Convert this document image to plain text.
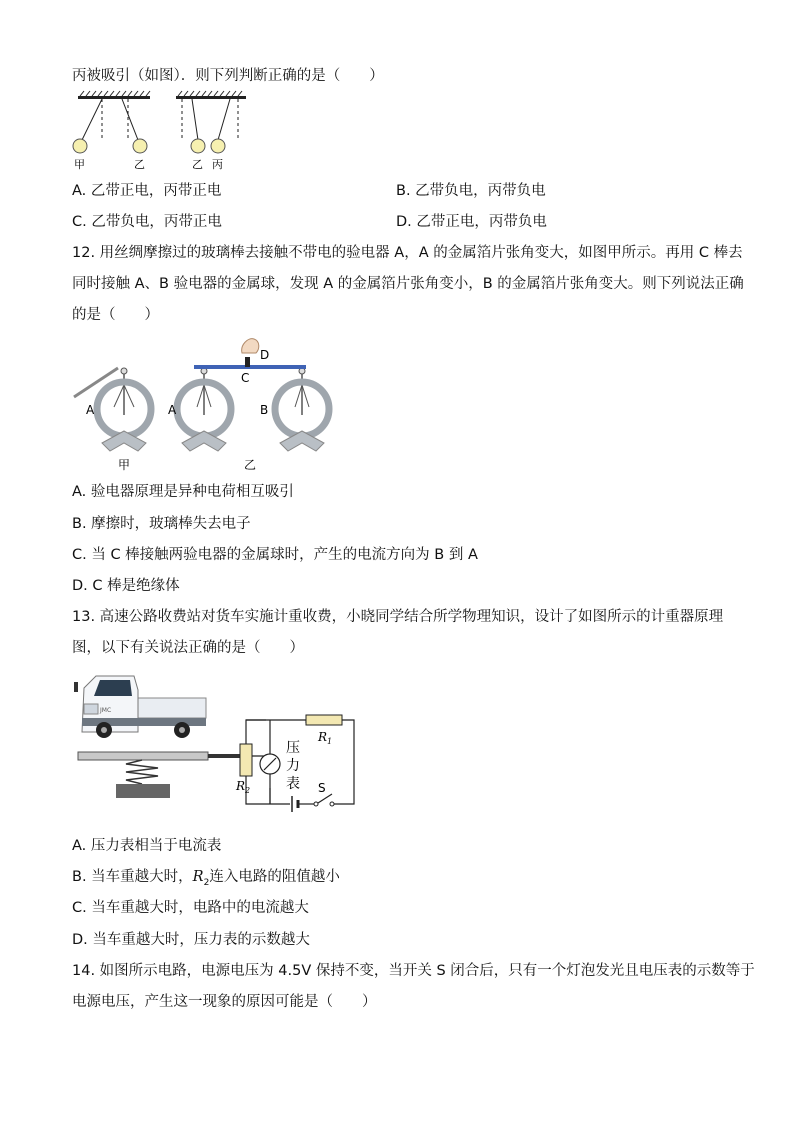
丙被吸引（如图）．则下列判断正确的是（　　）
甲	乙	乙 丙
A. 乙带正电，丙带正电	B. 乙带负电，丙带负电
C. 乙带负电，丙带正电	D. 乙带正电，丙带负电
12. 用丝绸摩擦过的玻璃棒去接触不带电的验电器 A，A 的金属箔片张角变大，如图甲所示。再用 C 棒去
同时接触 A、B 验电器的金属球，发现 A 的金属箔片张角变小，B 的金属箔片张角变大。则下列说法正确
的是（　　）
D
C
A	A	B
甲	乙
A. 验电器原理是异种电荷相互吸引
B. 摩擦时，玻璃棒失去电子
C. 当 C 棒接触两验电器的金属球时，产生的电流方向为 B 到 A
D. C 棒是绝缘体
13. 高速公路收费站对货车实施计重收费，小晓同学结合所学物理知识，设计了如图所示的计重器原理
图，以下有关说法正确的是（　　）
JMC
$R_1$
$R_2$
压
力
表 S
A. 压力表相当于电流表
B. 当车重越大时，$R_2$连入电路的阻值越小
C. 当车重越大时，电路中的电流越大
D. 当车重越大时，压力表的示数越大
14. 如图所示电路，电源电压为 4.5V 保持不变，当开关 S 闭合后，只有一个灯泡发光且电压表的示数等于
电源电压，产生这一现象的原因可能是（　　）
